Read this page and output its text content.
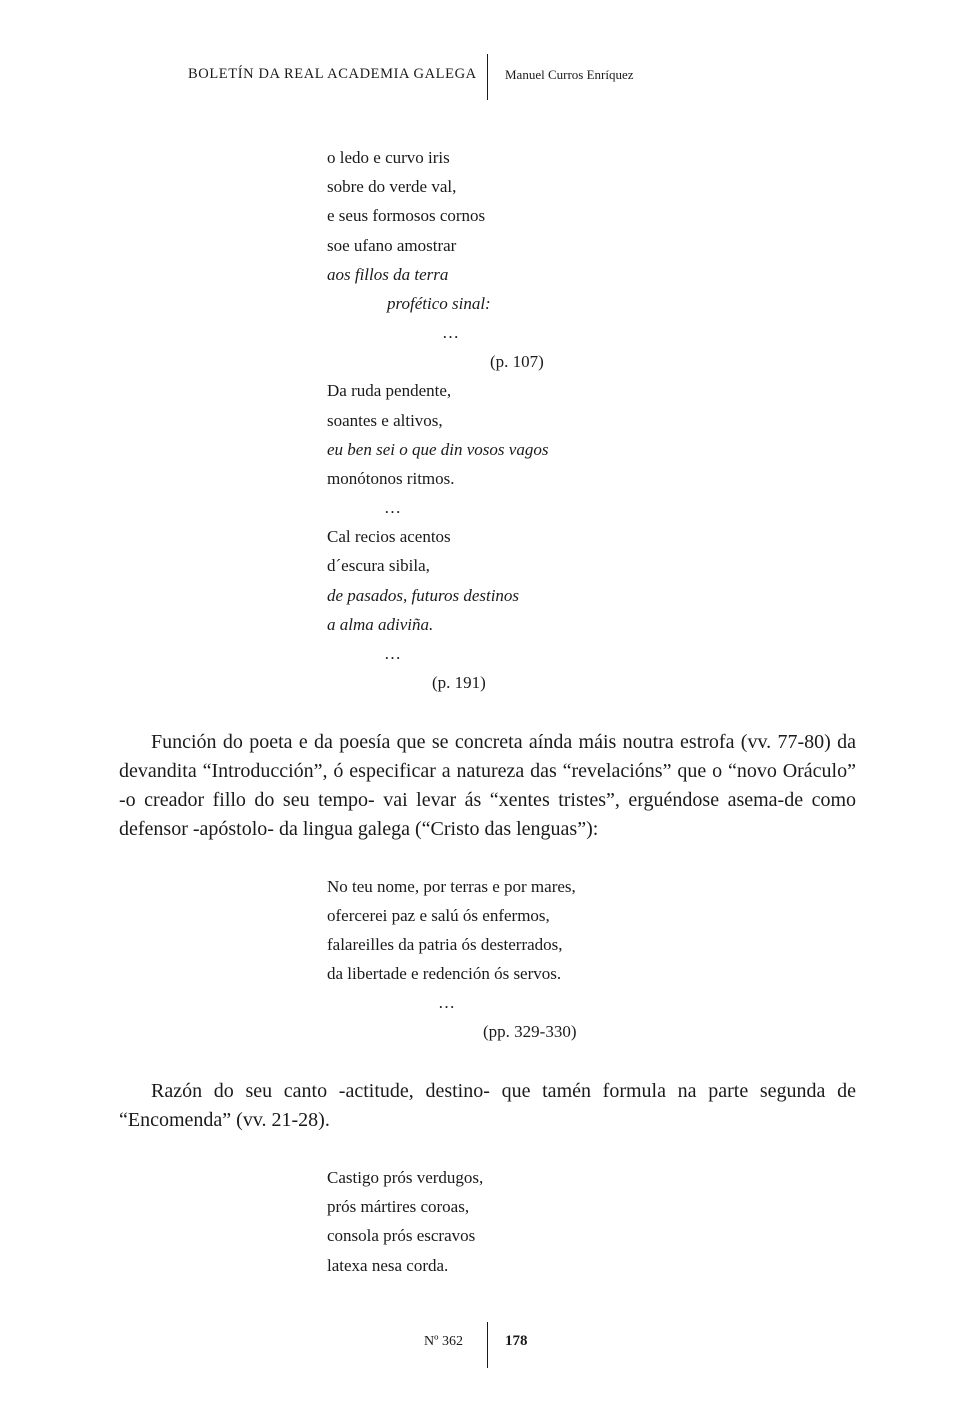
BOLETÍN DA REAL ACADEMIA GALEGA Manuel Curros Enríquez
o ledo e curvo iris
sobre do verde val,
e seus formosos cornos
soe ufano amostrar
aos fillos da terra
profético sinal:
…
(p. 107)
Da ruda pendente,
soantes e altivos,
eu ben sei o que din vosos vagos
monótonos ritmos.
…
Cal recios acentos
d´escura sibila,
de pasados, futuros destinos
a alma adiviña.
…
(p. 191)

Función do poeta e da poesía que se concreta aínda máis noutra estrofa (vv. 77-80) da devandita “Introducción”, ó especificar a natureza das “revelacións” que o “novo Oráculo” -o creador fillo do seu tempo- vai levar ás “xentes tristes”, erguéndose asema-de como defensor -apóstolo- da lingua galega (“Cristo das lenguas”):

No teu nome, por terras e por mares,
ofercerei paz e salú ós enfermos,
falareilles da patria ós desterrados,
da libertade e redención ós servos.
…
(pp. 329-330)

Razón do seu canto -actitude, destino- que tamén formula na parte segunda de “Encomenda” (vv. 21-28).

Castigo prós verdugos,
prós mártires coroas,
consola prós escravos
latexa nesa corda.
Nº 362	178
